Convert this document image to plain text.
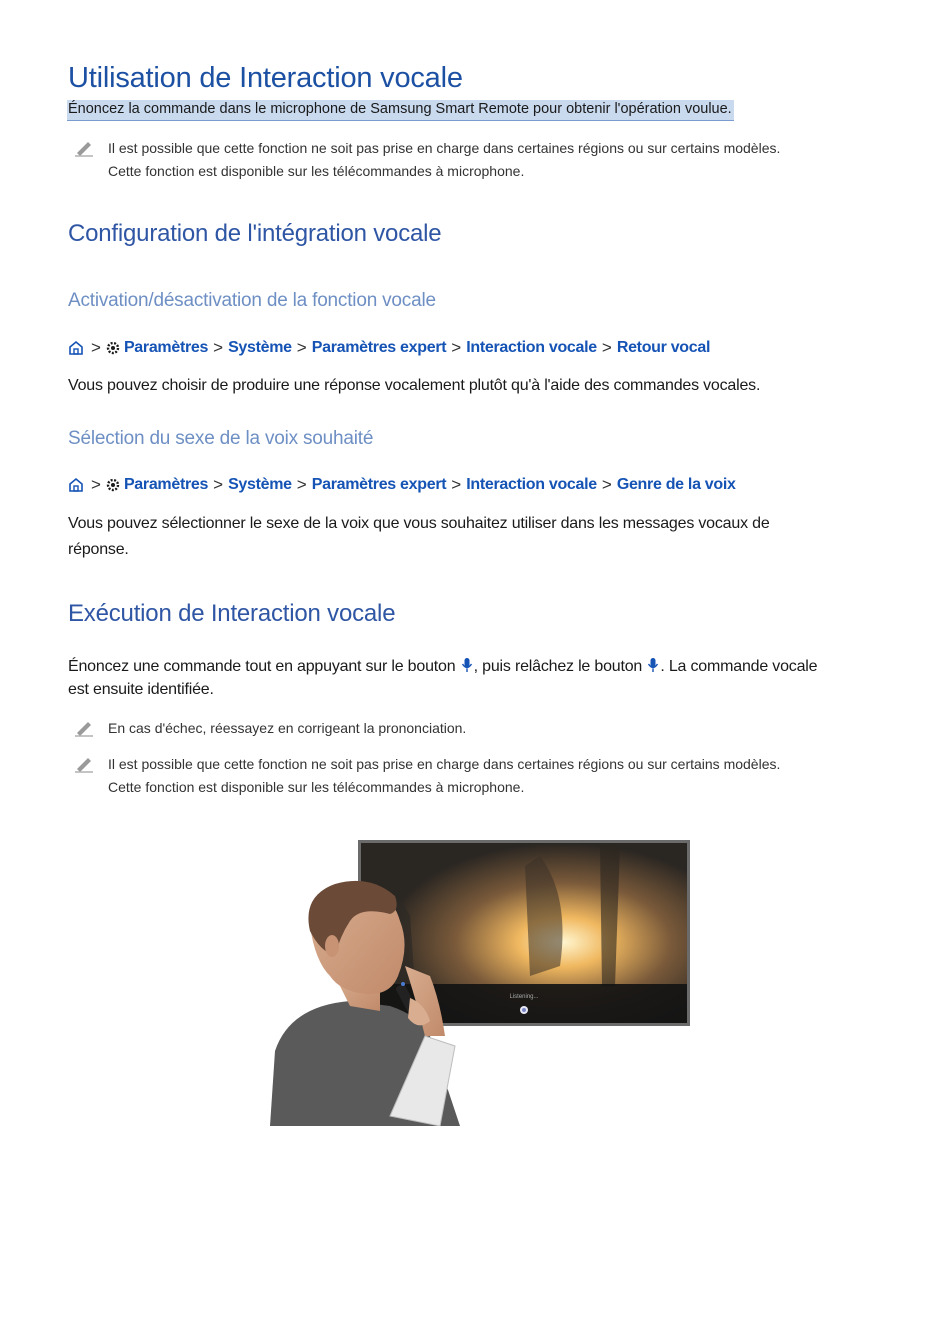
Utilisation de Interaction vocale
Énoncez la commande dans le microphone de Samsung Smart Remote pour obtenir l'opération voulue.
Il est possible que cette fonction ne soit pas prise en charge dans certaines régions ou sur certains modèles.
Cette fonction est disponible sur les télécommandes à microphone.
Configuration de l'intégration vocale
Activation/désactivation de la fonction vocale
> Paramètres > Système > Paramètres expert > Interaction vocale > Retour vocal
Vous pouvez choisir de produire une réponse vocalement plutôt qu'à l'aide des commandes vocales.
Sélection du sexe de la voix souhaité
> Paramètres > Système > Paramètres expert > Interaction vocale > Genre de la voix
Vous pouvez sélectionner le sexe de la voix que vous souhaitez utiliser dans les messages vocaux de
réponse.
Exécution de Interaction vocale
Énoncez une commande tout en appuyant sur le bouton , puis relâchez le bouton . La commande vocale
est ensuite identifiée.
En cas d'échec, réessayez en corrigeant la prononciation.
Il est possible que cette fonction ne soit pas prise en charge dans certaines régions ou sur certains modèles.
Cette fonction est disponible sur les télécommandes à microphone.
Listening...
